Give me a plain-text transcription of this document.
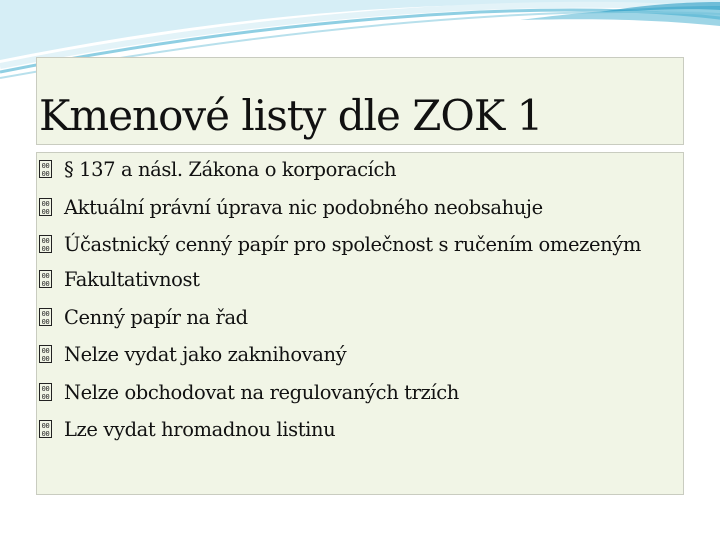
Kmenové listy dle ZOK 1
00
00 § 137 a násl. Zákona o korporacích
00
00 Aktuální právní úprava nic podobného neobsahuje
00
00 Účastnický cenný papír pro společnost s ručením omezeným
00
00 Fakultativnost
00
00 Cenný papír na řad
00
00 Nelze vydat jako zaknihovaný
00
00 Nelze obchodovat na regulovaných trzích
00
00 Lze vydat hromadnou listinu
